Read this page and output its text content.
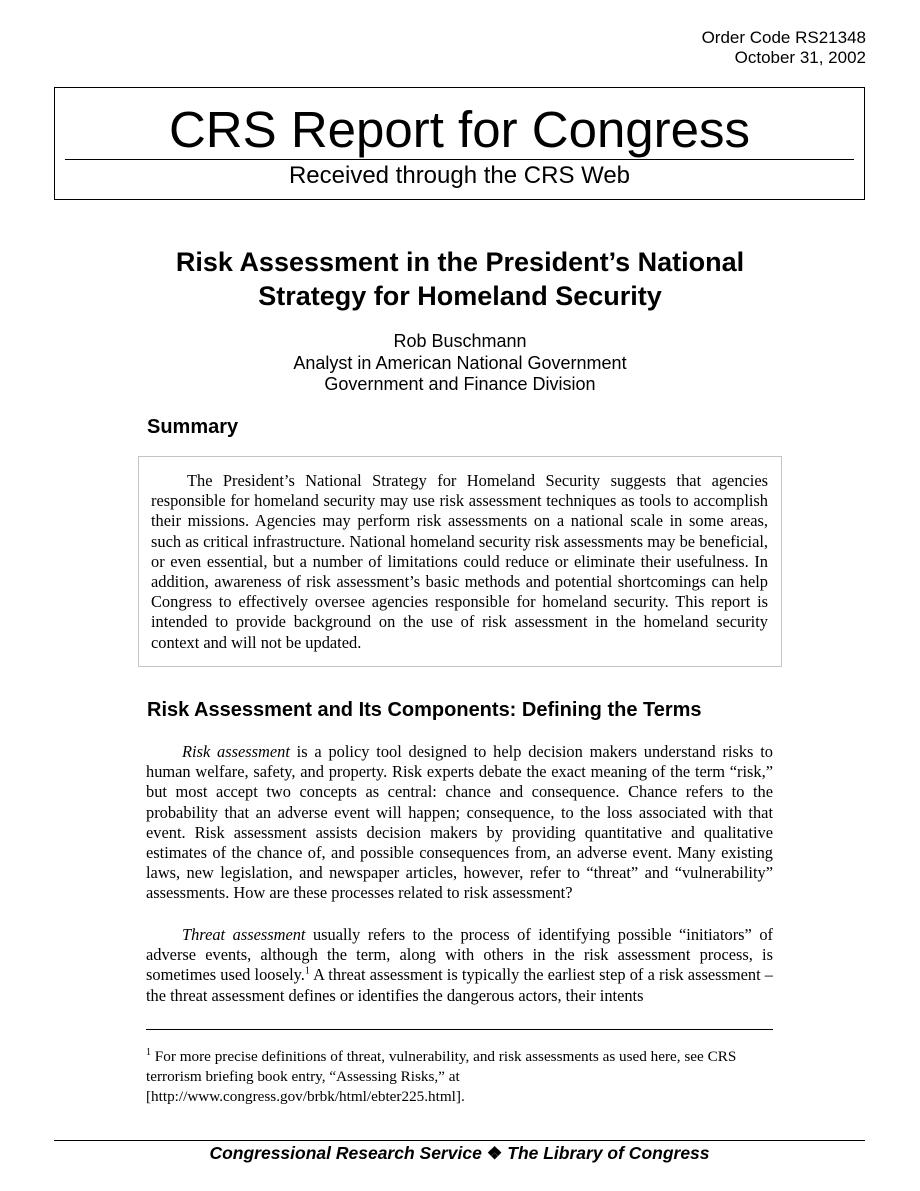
Order Code RS21348
October 31, 2002
CRS Report for Congress
Received through the CRS Web
Risk Assessment in the President’s National
Strategy for Homeland Security
Rob Buschmann
Analyst in American National Government
Government and Finance Division
Summary
The President’s National Strategy for Homeland Security suggests that agencies responsible for homeland security may use risk assessment techniques as tools to accomplish their missions. Agencies may perform risk assessments on a national scale in some areas, such as critical infrastructure. National homeland security risk assessments may be beneficial, or even essential, but a number of limitations could reduce or eliminate their usefulness. In addition, awareness of risk assessment’s basic methods and potential shortcomings can help Congress to effectively oversee agencies responsible for homeland security. This report is intended to provide background on the use of risk assessment in the homeland security context and will not be updated.
Risk Assessment and Its Components: Defining the Terms
Risk assessment is a policy tool designed to help decision makers understand risks to human welfare, safety, and property. Risk experts debate the exact meaning of the term “risk,” but most accept two concepts as central: chance and consequence. Chance refers to the probability that an adverse event will happen; consequence, to the loss associated with that event. Risk assessment assists decision makers by providing quantitative and qualitative estimates of the chance of, and possible consequences from, an adverse event. Many existing laws, new legislation, and newspaper articles, however, refer to “threat” and “vulnerability” assessments. How are these processes related to risk assessment?
Threat assessment usually refers to the process of identifying possible “initiators” of adverse events, although the term, along with others in the risk assessment process, is sometimes used loosely.$^1$ A threat assessment is typically the earliest step of a risk assessment – the threat assessment defines or identifies the dangerous actors, their intents
$^1$ For more precise definitions of threat, vulnerability, and risk assessments as used here, see CRS terrorism briefing book entry, “Assessing Risks,” at
[http://www.congress.gov/brbk/html/ebter225.html].
Congressional Research Service ❖ The Library of Congress
